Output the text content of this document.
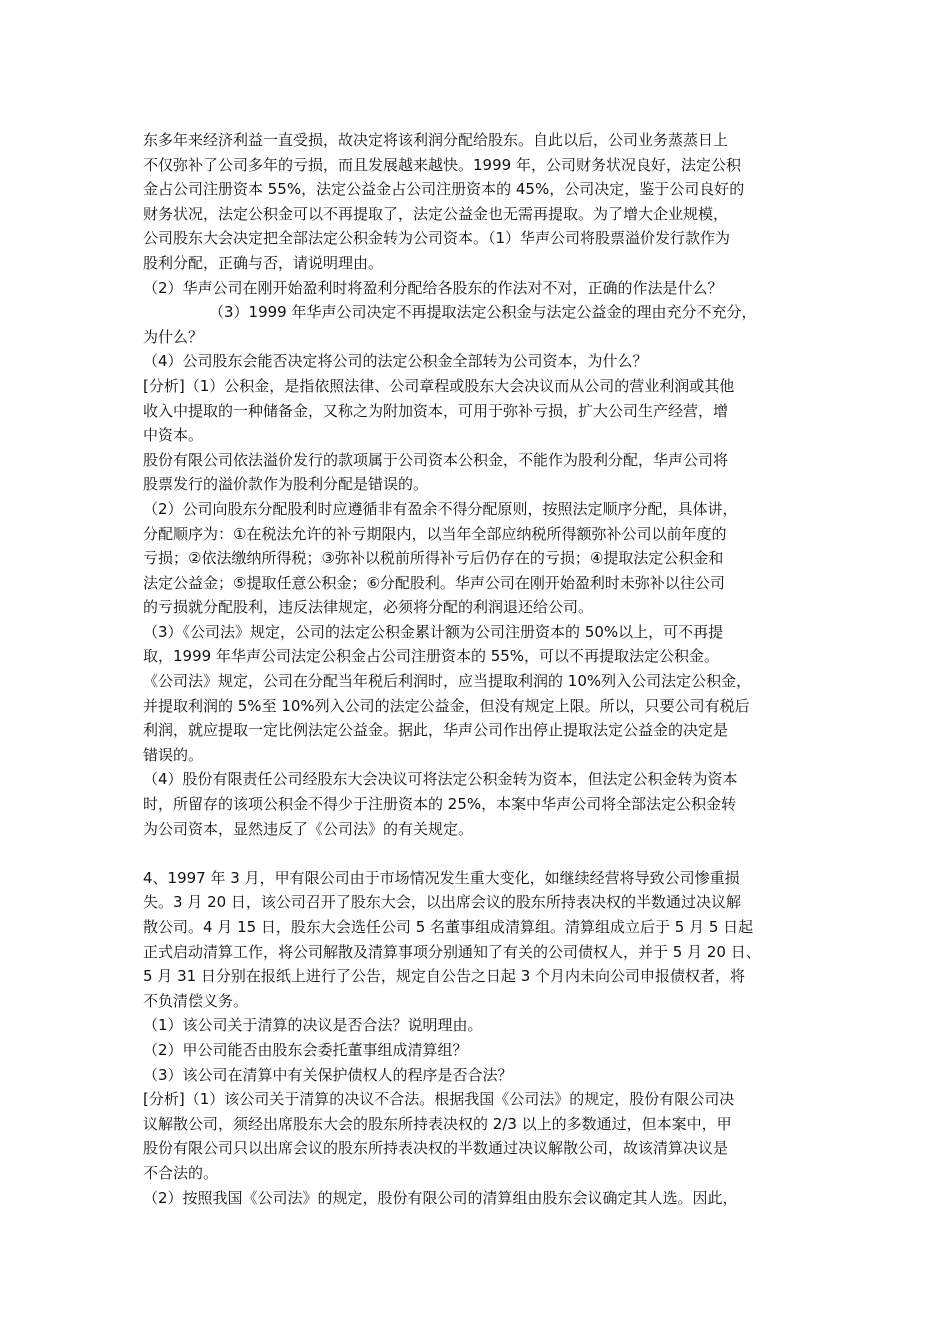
东多年来经济利益一直受损，故决定将该利润分配给股东。自此以后，公司业务蒸蒸日上

不仅弥补了公司多年的亏损，而且发展越来越快。1999 年，公司财务状况良好，法定公积

金占公司注册资本 55%，法定公益金占公司注册资本的 45%，公司决定，鉴于公司良好的

财务状况，法定公积金可以不再提取了，法定公益金也无需再提取。为了增大企业规模，

公司股东大会决定把全部法定公积金转为公司资本。（1）华声公司将股票溢价发行款作为

股利分配，正确与否，请说明理由。

（2）华声公司在刚开始盈利时将盈利分配给各股东的作法对不对，正确的作法是什么？

（3）1999 年华声公司决定不再提取法定公积金与法定公益金的理由充分不充分，

为什么？

（4）公司股东会能否决定将公司的法定公积金全部转为公司资本，为什么？

[分析]（1）公积金，是指依照法律、公司章程或股东大会决议而从公司的营业利润或其他

收入中提取的一种储备金，又称之为附加资本，可用于弥补亏损，扩大公司生产经营，增

中资本。

股份有限公司依法溢价发行的款项属于公司资本公积金，不能作为股利分配，华声公司将

股票发行的溢价款作为股利分配是错误的。

（2）公司向股东分配股利时应遵循非有盈余不得分配原则，按照法定顺序分配，具体讲，

分配顺序为：①在税法允许的补亏期限内，以当年全部应纳税所得额弥补公司以前年度的

亏损；②依法缴纳所得税；③弥补以税前所得补亏后仍存在的亏损；④提取法定公积金和

法定公益金；⑤提取任意公积金；⑥分配股利。华声公司在刚开始盈利时未弥补以往公司

的亏损就分配股利，违反法律规定，必须将分配的利润退还给公司。

（3）《公司法》规定，公司的法定公积金累计额为公司注册资本的 50%以上，可不再提

取，1999 年华声公司法定公积金占公司注册资本的 55%，可以不再提取法定公积金。

《公司法》规定，公司在分配当年税后利润时，应当提取利润的 10%列入公司法定公积金，

并提取利润的 5%至 10%列入公司的法定公益金，但没有规定上限。所以，只要公司有税后

利润，就应提取一定比例法定公益金。据此，华声公司作出停止提取法定公益金的决定是

错误的。

（4）股份有限责任公司经股东大会决议可将法定公积金转为资本，但法定公积金转为资本

时，所留存的该项公积金不得少于注册资本的 25%，本案中华声公司将全部法定公积金转

为公司资本，显然违反了《公司法》的有关规定。

4、1997 年 3 月，甲有限公司由于市场情况发生重大变化，如继续经营将导致公司惨重损

失。3 月 20 日，该公司召开了股东大会，以出席会议的股东所持表决权的半数通过决议解

散公司。4 月 15 日，股东大会选任公司 5 名董事组成清算组。清算组成立后于 5 月 5 日起

正式启动清算工作，将公司解散及清算事项分别通知了有关的公司债权人，并于 5 月 20 日、

5 月 31 日分别在报纸上进行了公告，规定自公告之日起 3 个月内未向公司申报债权者，将

不负清偿义务。

（1）该公司关于清算的决议是否合法？说明理由。

（2）甲公司能否由股东会委托董事组成清算组？

（3）该公司在清算中有关保护债权人的程序是否合法？

[分析]（1）该公司关于清算的决议不合法。根据我国《公司法》的规定，股份有限公司决

议解散公司，须经出席股东大会的股东所持表决权的 2/3 以上的多数通过，但本案中，甲

股份有限公司只以出席会议的股东所持表决权的半数通过决议解散公司，故该清算决议是

不合法的。

（2）按照我国《公司法》的规定，股份有限公司的清算组由股东会议确定其人选。因此，
